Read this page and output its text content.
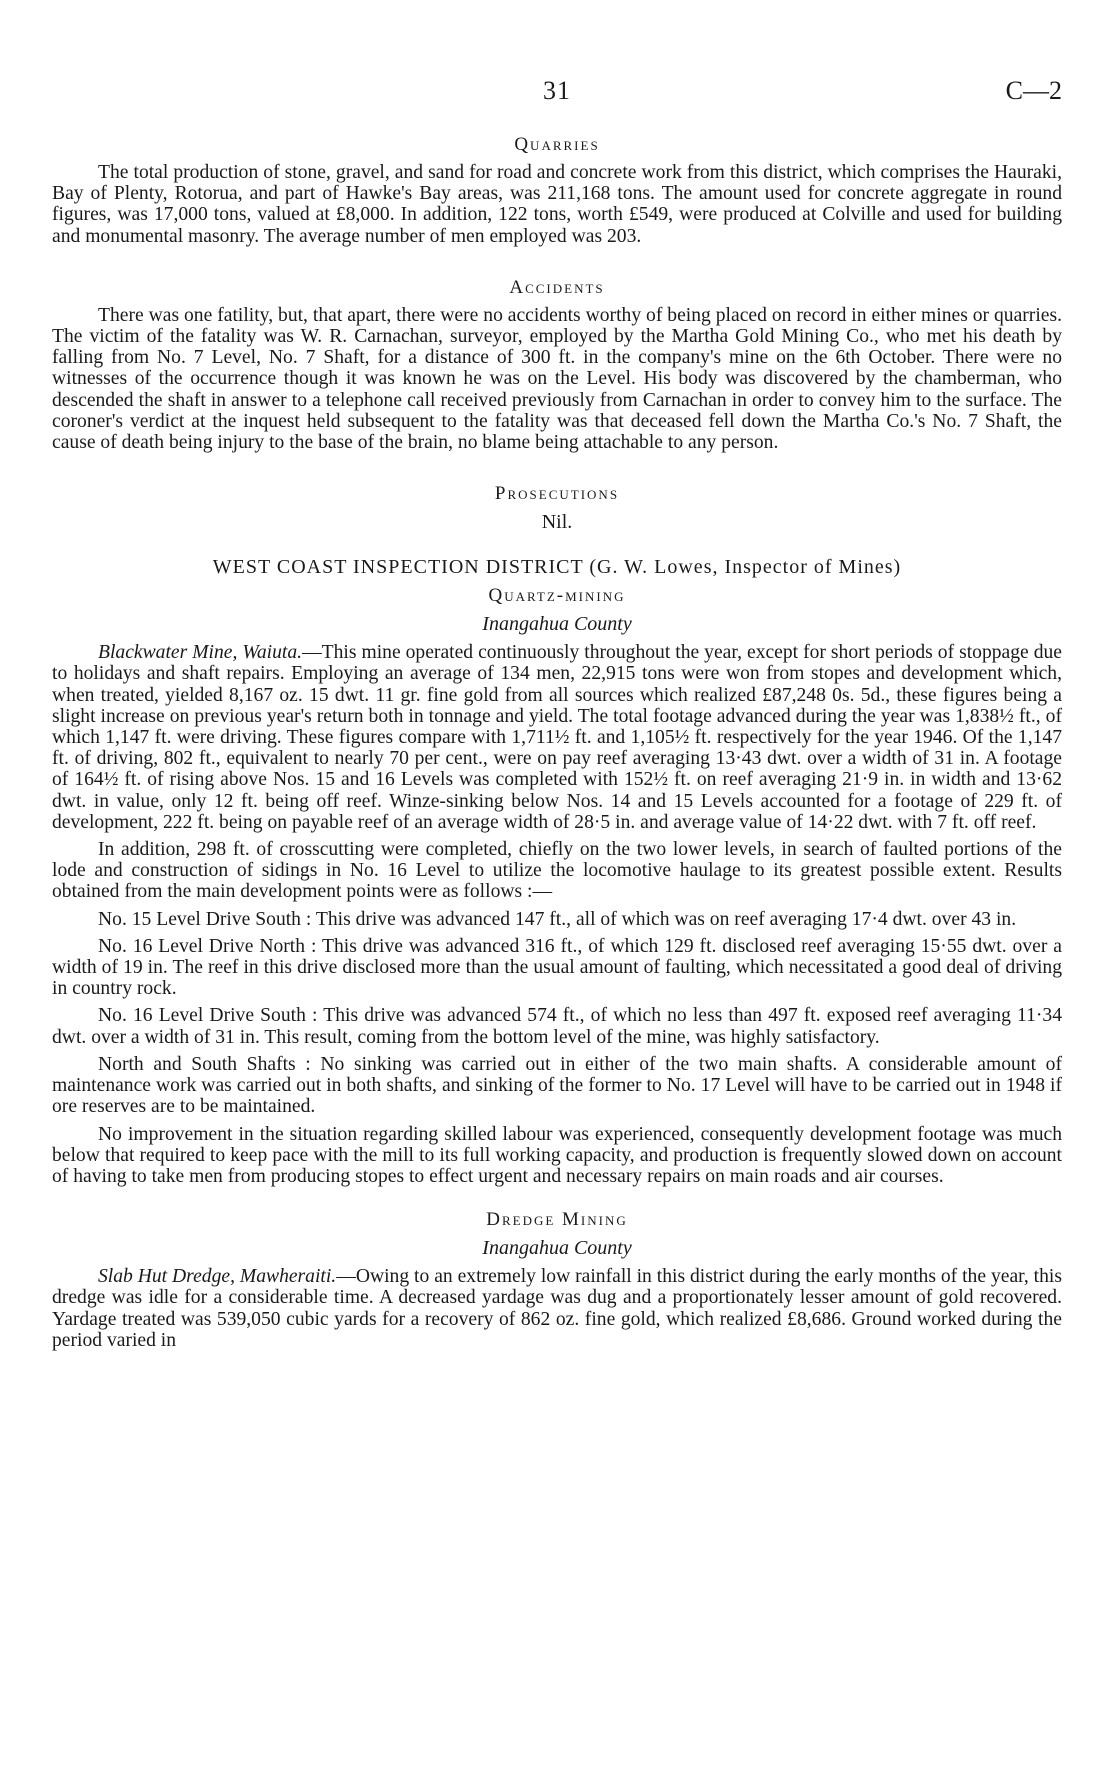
31	C—2
Quarries

The total production of stone, gravel, and sand for road and concrete work from this district, which comprises the Hauraki, Bay of Plenty, Rotorua, and part of Hawke's Bay areas, was 211,168 tons. The amount used for concrete aggregate in round figures, was 17,000 tons, valued at £8,000. In addition, 122 tons, worth £549, were produced at Colville and used for building and monumental masonry. The average number of men employed was 203.

Accidents

There was one fatility, but, that apart, there were no accidents worthy of being placed on record in either mines or quarries. The victim of the fatality was W. R. Carnachan, surveyor, employed by the Martha Gold Mining Co., who met his death by falling from No. 7 Level, No. 7 Shaft, for a distance of 300 ft. in the company's mine on the 6th October. There were no witnesses of the occurrence though it was known he was on the Level. His body was discovered by the chamberman, who descended the shaft in answer to a telephone call received previously from Carnachan in order to convey him to the surface. The coroner's verdict at the inquest held subsequent to the fatality was that deceased fell down the Martha Co.'s No. 7 Shaft, the cause of death being injury to the base of the brain, no blame being attachable to any person.

Prosecutions
Nil.
WEST COAST INSPECTION DISTRICT (G. W. Lowes, Inspector of Mines)
Quartz-mining
Inangahua County

Blackwater Mine, Waiuta.—This mine operated continuously throughout the year, except for short periods of stoppage due to holidays and shaft repairs. Employing an average of 134 men, 22,915 tons were won from stopes and development which, when treated, yielded 8,167 oz. 15 dwt. 11 gr. fine gold from all sources which realized £87,248 0s. 5d., these figures being a slight increase on previous year's return both in tonnage and yield. The total footage advanced during the year was 1,838½ ft., of which 1,147 ft. were driving. These figures compare with 1,711½ ft. and 1,105½ ft. respectively for the year 1946. Of the 1,147 ft. of driving, 802 ft., equivalent to nearly 70 per cent., were on pay reef averaging 13·43 dwt. over a width of 31 in. A footage of 164½ ft. of rising above Nos. 15 and 16 Levels was completed with 152½ ft. on reef averaging 21·9 in. in width and 13·62 dwt. in value, only 12 ft. being off reef. Winze-sinking below Nos. 14 and 15 Levels accounted for a footage of 229 ft. of development, 222 ft. being on payable reef of an average width of 28·5 in. and average value of 14·22 dwt. with 7 ft. off reef.

In addition, 298 ft. of crosscutting were completed, chiefly on the two lower levels, in search of faulted portions of the lode and construction of sidings in No. 16 Level to utilize the locomotive haulage to its greatest possible extent. Results obtained from the main development points were as follows :—

No. 15 Level Drive South : This drive was advanced 147 ft., all of which was on reef averaging 17·4 dwt. over 43 in.

No. 16 Level Drive North : This drive was advanced 316 ft., of which 129 ft. disclosed reef averaging 15·55 dwt. over a width of 19 in. The reef in this drive disclosed more than the usual amount of faulting, which necessitated a good deal of driving in country rock.

No. 16 Level Drive South : This drive was advanced 574 ft., of which no less than 497 ft. exposed reef averaging 11·34 dwt. over a width of 31 in. This result, coming from the bottom level of the mine, was highly satisfactory.

North and South Shafts : No sinking was carried out in either of the two main shafts. A considerable amount of maintenance work was carried out in both shafts, and sinking of the former to No. 17 Level will have to be carried out in 1948 if ore reserves are to be maintained.

No improvement in the situation regarding skilled labour was experienced, consequently development footage was much below that required to keep pace with the mill to its full working capacity, and production is frequently slowed down on account of having to take men from producing stopes to effect urgent and necessary repairs on main roads and air courses.

Dredge Mining
Inangahua County

Slab Hut Dredge, Mawheraiti.—Owing to an extremely low rainfall in this district during the early months of the year, this dredge was idle for a considerable time. A decreased yardage was dug and a proportionately lesser amount of gold recovered. Yardage treated was 539,050 cubic yards for a recovery of 862 oz. fine gold, which realized £8,686. Ground worked during the period varied in
